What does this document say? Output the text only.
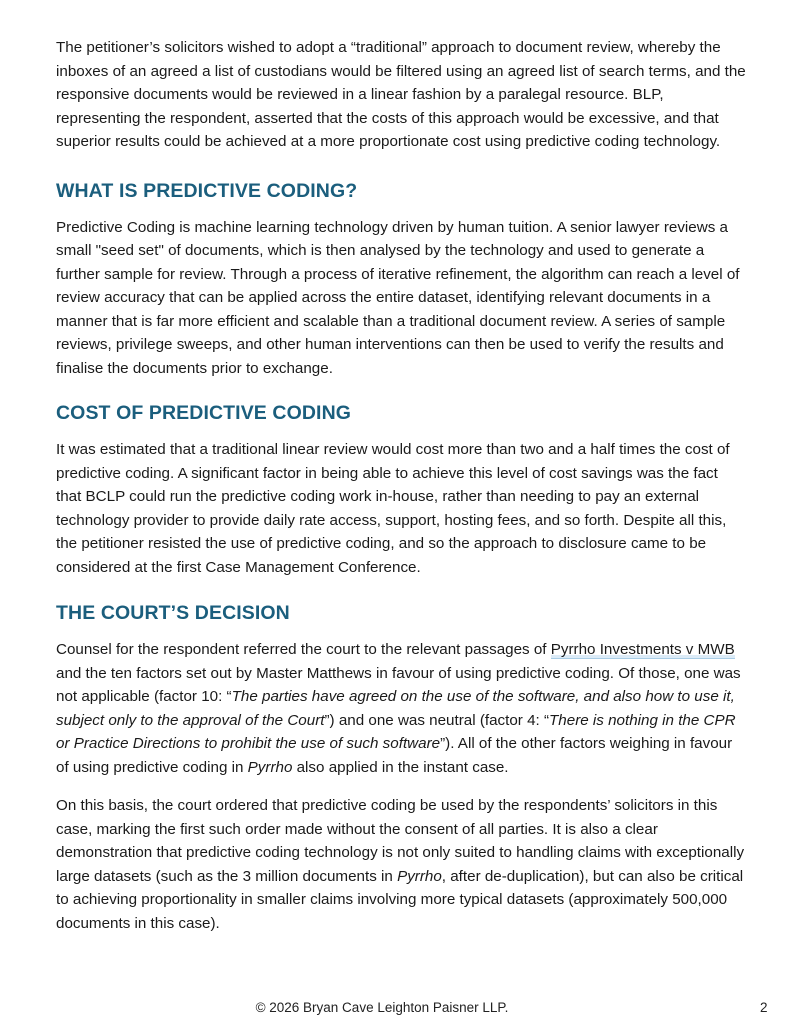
The petitioner’s solicitors wished to adopt a “traditional” approach to document review, whereby the inboxes of an agreed a list of custodians would be filtered using an agreed list of search terms, and the responsive documents would be reviewed in a linear fashion by a paralegal resource. BLP, representing the respondent, asserted that the costs of this approach would be excessive, and that superior results could be achieved at a more proportionate cost using predictive coding technology.

WHAT IS PREDICTIVE CODING?

Predictive Coding is machine learning technology driven by human tuition. A senior lawyer reviews a small "seed set" of documents, which is then analysed by the technology and used to generate a further sample for review. Through a process of iterative refinement, the algorithm can reach a level of review accuracy that can be applied across the entire dataset, identifying relevant documents in a manner that is far more efficient and scalable than a traditional document review. A series of sample reviews, privilege sweeps, and other human interventions can then be used to verify the results and finalise the documents prior to exchange.

COST OF PREDICTIVE CODING

It was estimated that a traditional linear review would cost more than two and a half times the cost of predictive coding. A significant factor in being able to achieve this level of cost savings was the fact that BCLP could run the predictive coding work in-house, rather than needing to pay an external technology provider to provide daily rate access, support, hosting fees, and so forth. Despite all this, the petitioner resisted the use of predictive coding, and so the approach to disclosure came to be considered at the first Case Management Conference.

THE COURT’S DECISION

Counsel for the respondent referred the court to the relevant passages of Pyrrho Investments v MWB and the ten factors set out by Master Matthews in favour of using predictive coding. Of those, one was not applicable (factor 10: “The parties have agreed on the use of the software, and also how to use it, subject only to the approval of the Court”) and one was neutral (factor 4: “There is nothing in the CPR or Practice Directions to prohibit the use of such software”). All of the other factors weighing in favour of using predictive coding in Pyrrho also applied in the instant case.

On this basis, the court ordered that predictive coding be used by the respondents’ solicitors in this case, marking the first such order made without the consent of all parties. It is also a clear demonstration that predictive coding technology is not only suited to handling claims with exceptionally large datasets (such as the 3 million documents in Pyrrho, after de-duplication), but can also be critical to achieving proportionality in smaller claims involving more typical datasets (approximately 500,000 documents in this case).

© 2026 Bryan Cave Leighton Paisner LLP.	2
